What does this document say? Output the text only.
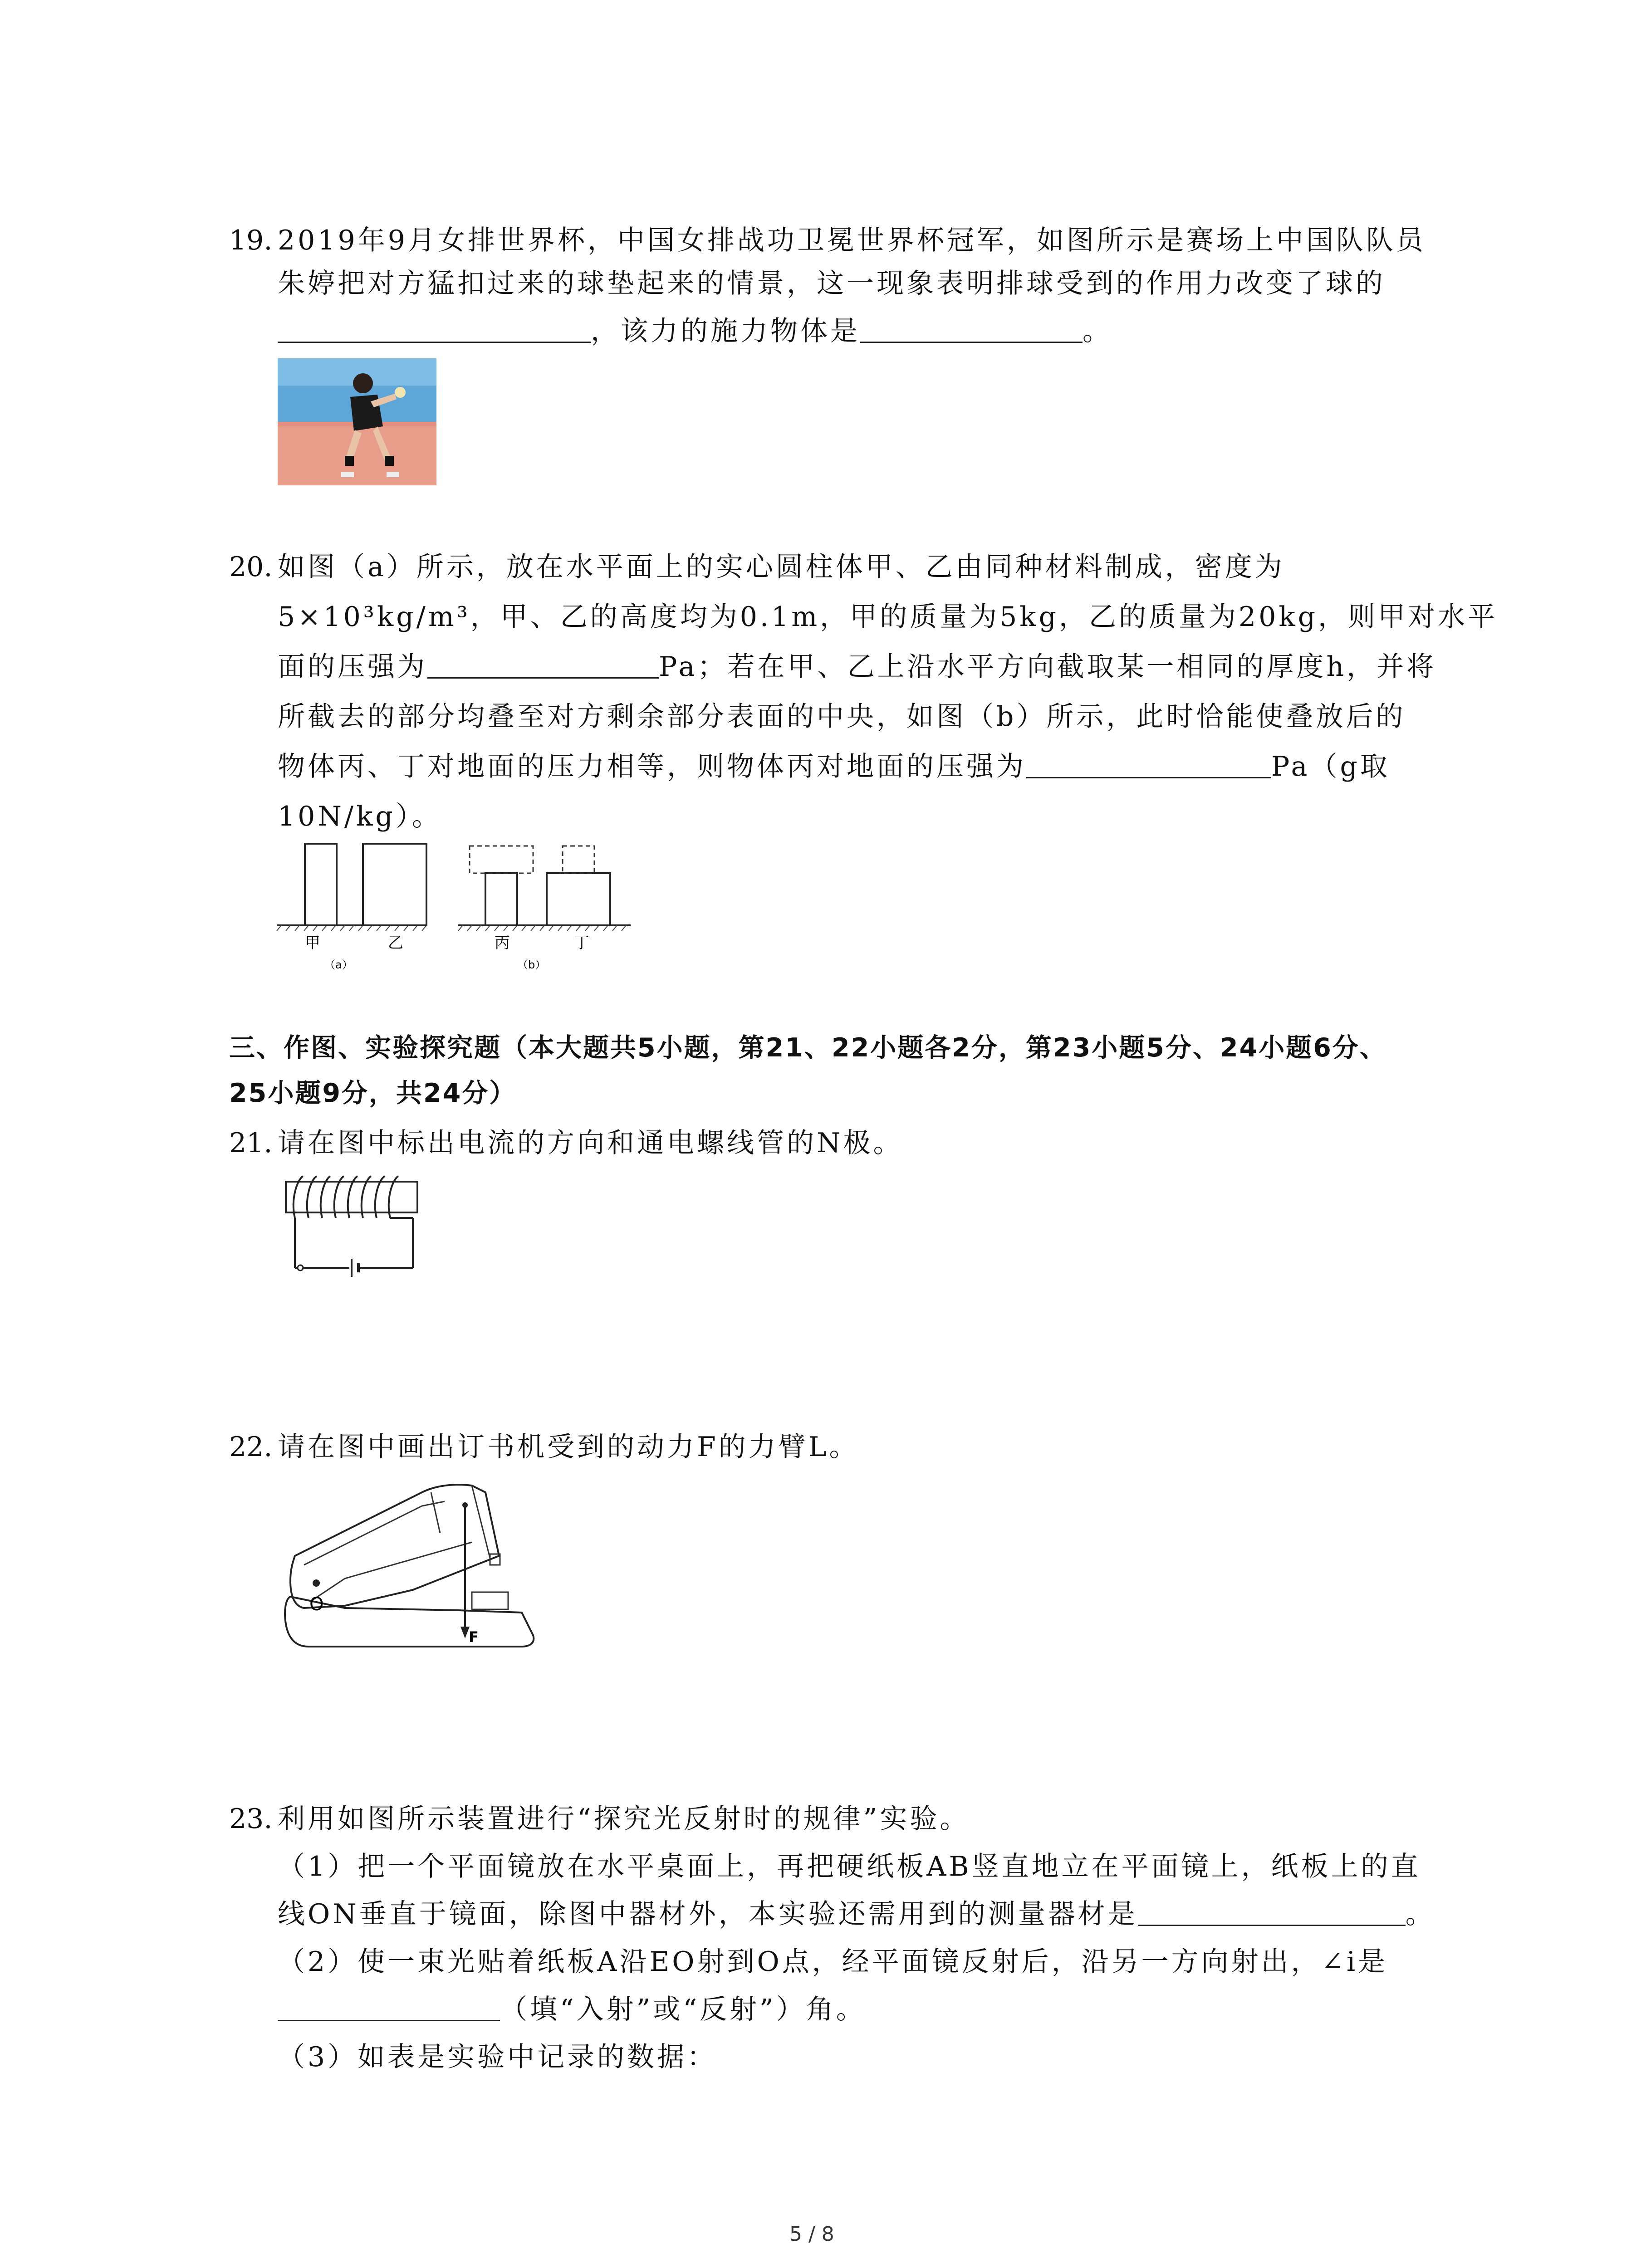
19. 2019年9月女排世界杯，中国女排战功卫冕世界杯冠军，如图所示是赛场上中国队队员
朱婷把对方猛扣过来的球垫起来的情景，这一现象表明排球受到的作用力改变了球的
，该力的施力物体是	。
20. 如图（a）所示，放在水平面上的实心圆柱体甲、乙由同种材料制成，密度为
5×10³kg/m³，甲、乙的高度均为0.1m，甲的质量为5kg，乙的质量为20kg，则甲对水平
面的压强为	Pa；若在甲、乙上沿水平方向截取某一相同的厚度h，并将
所截去的部分均叠至对方剩余部分表面的中央，如图（b）所示，此时恰能使叠放后的
物体丙、丁对地面的压力相等，则物体丙对地面的压强为	Pa（g取
10N/kg）。
甲	乙
（a）
丙	丁
（b）
三、作图、实验探究题（本大题共5小题，第21、22小题各2分，第23小题5分、24小题6分、
25小题9分，共24分）
21. 请在图中标出电流的方向和通电螺线管的N极。
22. 请在图中画出订书机受到的动力F的力臂L。
O
F
23. 利用如图所示装置进行“探究光反射时的规律”实验。
（1）把一个平面镜放在水平桌面上，再把硬纸板AB竖直地立在平面镜上，纸板上的直
线ON垂直于镜面，除图中器材外，本实验还需用到的测量器材是	。
（2）使一束光贴着纸板A沿EO射到O点，经平面镜反射后，沿另一方向射出，∠i是
（填“入射”或“反射”）角。
（3）如表是实验中记录的数据：
5 / 8
